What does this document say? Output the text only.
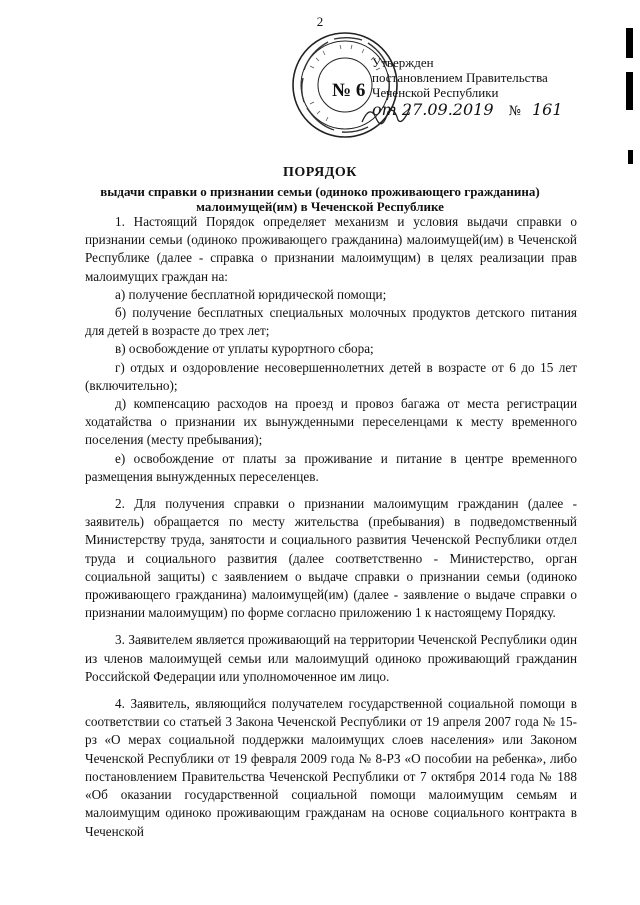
2
№ 6
Утвержден
постановлением Правительства
Чеченской Республики
от 27.09.2019 № 161
ПОРЯДОК
выдачи справки о признании семьи (одиноко проживающего гражданина) малоимущей(им) в Чеченской Республике

1. Настоящий Порядок определяет механизм и условия выдачи справки о признании семьи (одиноко проживающего гражданина) малоимущей(им) в Чеченской Республике (далее - справка о признании малоимущим) в целях реализации прав малоимущих граждан на:

а) получение бесплатной юридической помощи;

б) получение бесплатных специальных молочных продуктов детского питания для детей в возрасте до трех лет;

в) освобождение от уплаты курортного сбора;

г) отдых и оздоровление несовершеннолетних детей в возрасте от 6 до 15 лет (включительно);

д) компенсацию расходов на проезд и провоз багажа от места регистрации ходатайства о признании их вынужденными переселенцами к месту временного поселения (месту пребывания);

е) освобождение от платы за проживание и питание в центре временного размещения вынужденных переселенцев.

2. Для получения справки о признании малоимущим гражданин (далее - заявитель) обращается по месту жительства (пребывания) в подведомственный Министерству труда, занятости и социального развития Чеченской Республики отдел труда и социального развития (далее соответственно - Министерство, орган социальной защиты) с заявлением о выдаче справки о признании семьи (одиноко проживающего гражданина) малоимущей(им) (далее - заявление о выдаче справки о признании малоимущим) по форме согласно приложению 1 к настоящему Порядку.

3. Заявителем является проживающий на территории Чеченской Республики один из членов малоимущей семьи или малоимущий одиноко проживающий гражданин Российской Федерации или уполномоченное им лицо.

4. Заявитель, являющийся получателем государственной социальной помощи в соответствии со статьей 3 Закона Чеченской Республики от 19 апреля 2007 года № 15-рз «О мерах социальной поддержки малоимущих слоев населения» или Законом Чеченской Республики от 19 февраля 2009 года № 8-РЗ «О пособии на ребенка», либо постановлением Правительства Чеченской Республики от 7 октября 2014 года № 188 «Об оказании государственной социальной помощи малоимущим семьям и малоимущим одиноко проживающим гражданам на основе социального контракта в Чеченской
